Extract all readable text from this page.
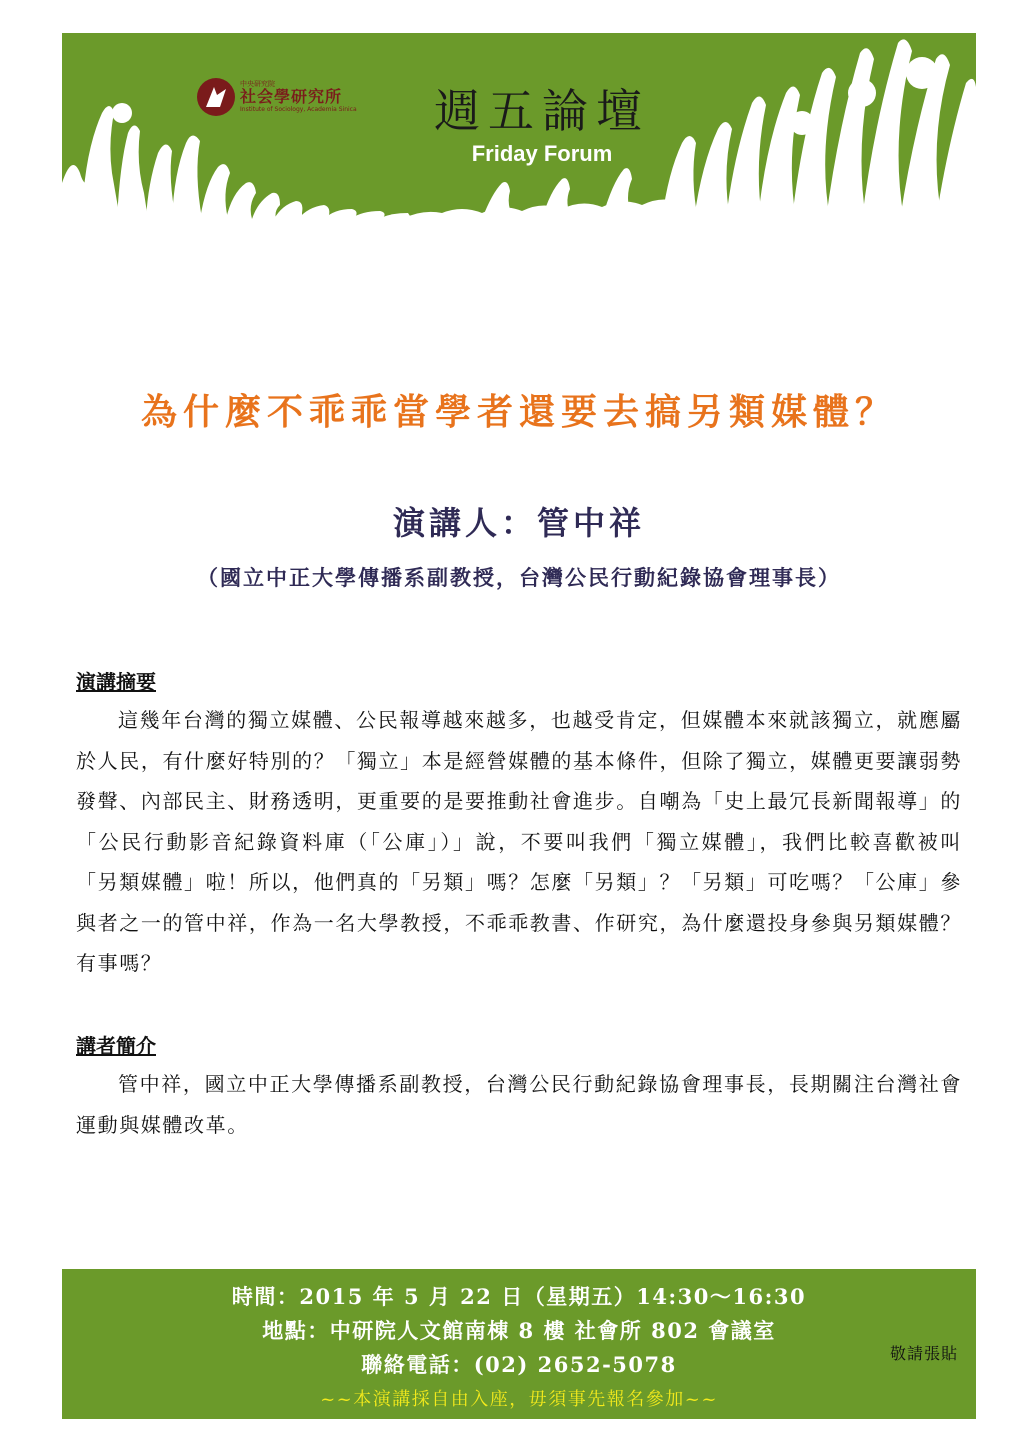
中央研究院
社会學研究所
Institute of Sociology, Academia Sinica 週五論壇
Friday Forum
為什麼不乖乖當學者還要去搞另類媒體？
演講人：管中祥
（國立中正大學傳播系副教授，台灣公民行動紀錄協會理事長）
演講摘要
這幾年台灣的獨立媒體、公民報導越來越多，也越受肯定，但媒體本來就該獨立，就應屬於人民，有什麼好特別的？「獨立」本是經營媒體的基本條件，但除了獨立，媒體更要讓弱勢發聲、內部民主、財務透明，更重要的是要推動社會進步。自嘲為「史上最冗長新聞報導」的「公民行動影音紀錄資料庫（「公庫」）」說，不要叫我們「獨立媒體」，我們比較喜歡被叫「另類媒體」啦！所以，他們真的「另類」嗎？怎麼「另類」？「另類」可吃嗎？「公庫」參與者之一的管中祥，作為一名大學教授，不乖乖教書、作研究，為什麼還投身參與另類媒體？有事嗎？
講者簡介
管中祥，國立中正大學傳播系副教授，台灣公民行動紀錄協會理事長，長期關注台灣社會運動與媒體改革。
時間：2015 年 5 月 22 日（星期五）14:30～16:30
地點：中研院人文館南棟 8 樓 社會所 802 會議室
聯絡電話：(02) 2652-5078
~~本演講採自由入座，毋須事先報名參加~~
敬請張貼
